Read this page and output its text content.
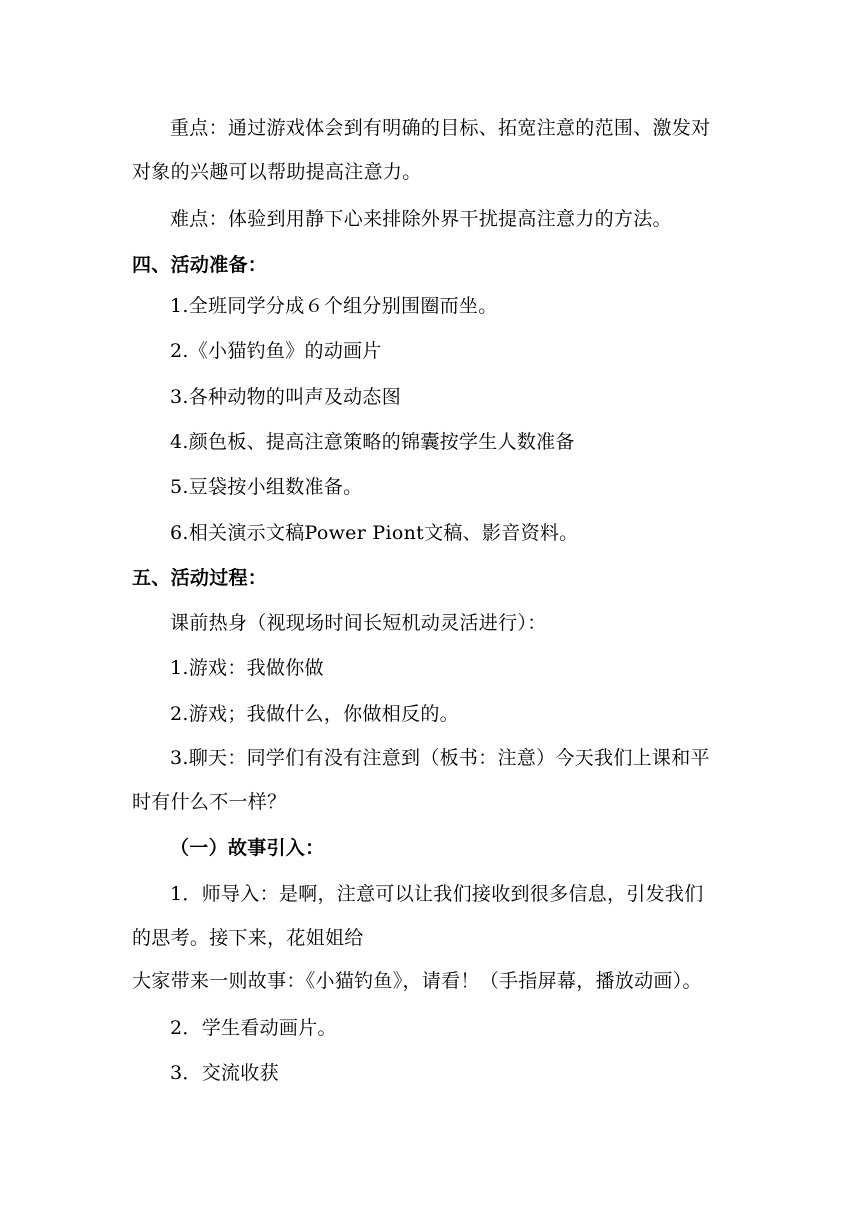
重点：通过游戏体会到有明确的目标、拓宽注意的范围、激发对
对象的兴趣可以帮助提高注意力。
难点：体验到用静下心来排除外界干扰提高注意力的方法。
四、活动准备：
1.全班同学分成６个组分别围圈而坐。
2.《小猫钓鱼》的动画片
3.各种动物的叫声及动态图
4.颜色板、提高注意策略的锦囊按学生人数准备
5.豆袋按小组数准备。
6.相关演示文稿Power Piont文稿、影音资料。
五、活动过程：
课前热身（视现场时间长短机动灵活进行）：
1.游戏：我做你做
2.游戏；我做什么，你做相反的。
3.聊天：同学们有没有注意到（板书：注意）今天我们上课和平
时有什么不一样？
（一）故事引入：
1．师导入：是啊，注意可以让我们接收到很多信息，引发我们
的思考。接下来，花姐姐给
大家带来一则故事：《小猫钓鱼》，请看！（手指屏幕，播放动画）。
2．学生看动画片。
3．交流收获
